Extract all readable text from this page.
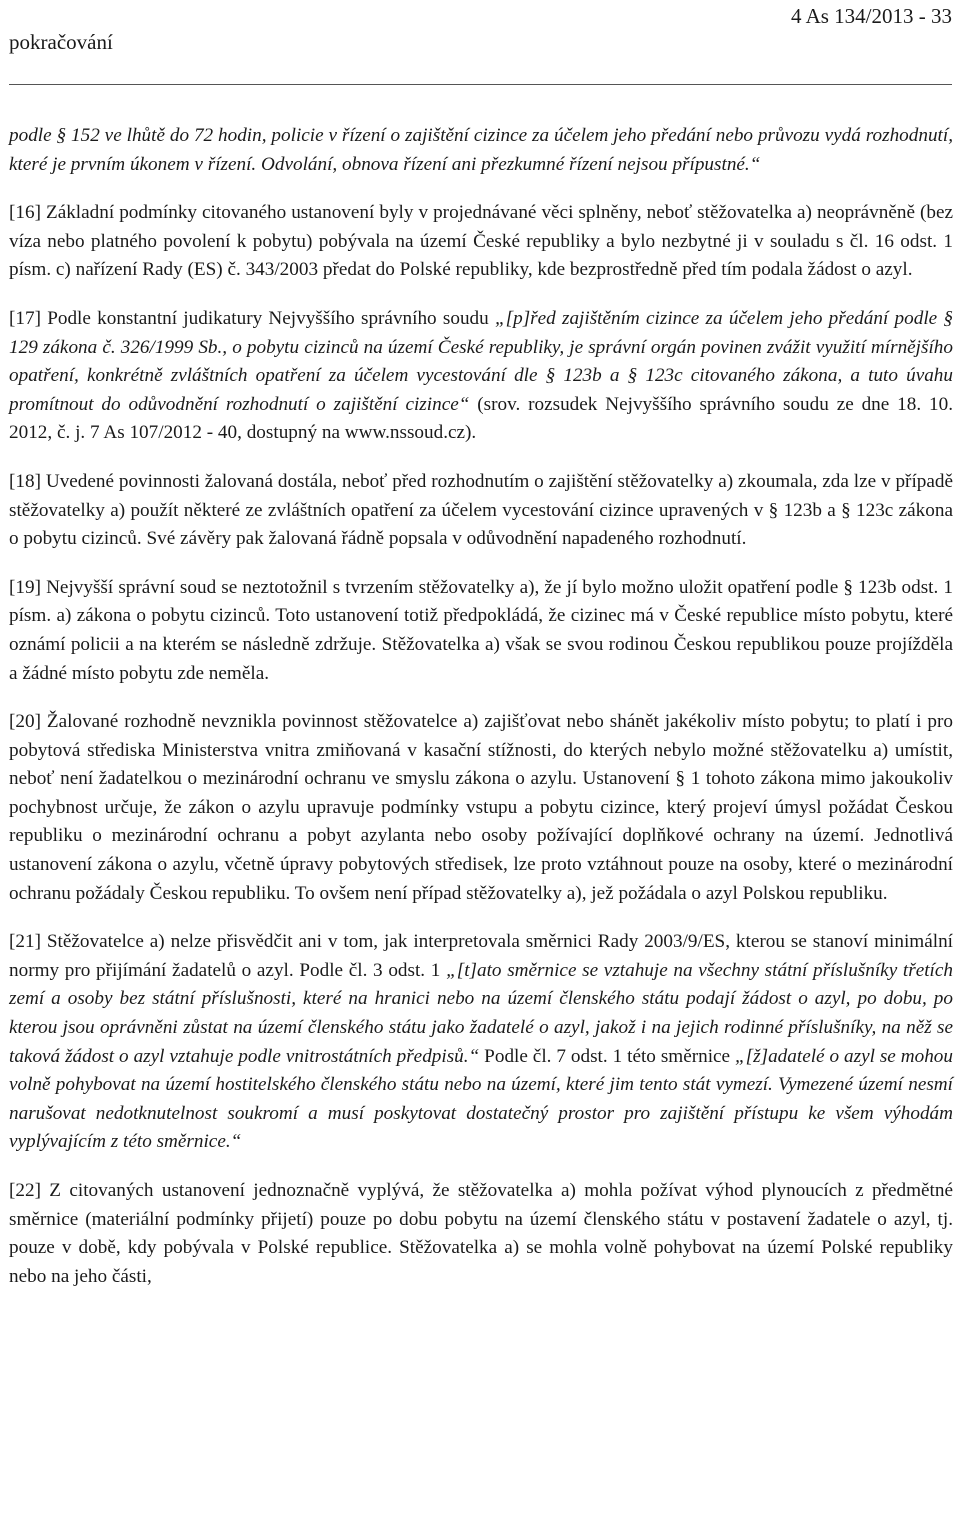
pokračování
4 As 134/2013 - 33

podle § 152 ve lhůtě do 72 hodin, policie v řízení o zajištění cizince za účelem jeho předání nebo průvozu vydá rozhodnutí, které je prvním úkonem v řízení. Odvolání, obnova řízení ani přezkumné řízení nejsou přípustné.“

[16] Základní podmínky citovaného ustanovení byly v projednávané věci splněny, neboť stěžovatelka a) neoprávněně (bez víza nebo platného povolení k pobytu) pobývala na území České republiky a bylo nezbytné ji v souladu s čl. 16 odst. 1 písm. c) nařízení Rady (ES) č. 343/2003 předat do Polské republiky, kde bezprostředně před tím podala žádost o azyl.

[17] Podle konstantní judikatury Nejvyššího správního soudu „[p]řed zajištěním cizince za účelem jeho předání podle § 129 zákona č. 326/1999 Sb., o pobytu cizinců na území České republiky, je správní orgán povinen zvážit využití mírnějšího opatření, konkrétně zvláštních opatření za účelem vycestování dle § 123b a § 123c citovaného zákona, a tuto úvahu promítnout do odůvodnění rozhodnutí o zajištění cizince“ (srov. rozsudek Nejvyššího správního soudu ze dne 18. 10. 2012, č. j. 7 As 107/2012 - 40, dostupný na www.nssoud.cz).

[18] Uvedené povinnosti žalovaná dostála, neboť před rozhodnutím o zajištění stěžovatelky a) zkoumala, zda lze v případě stěžovatelky a) použít některé ze zvláštních opatření za účelem vycestování cizince upravených v § 123b a § 123c zákona o pobytu cizinců. Své závěry pak žalovaná řádně popsala v odůvodnění napadeného rozhodnutí.

[19] Nejvyšší správní soud se neztotožnil s tvrzením stěžovatelky a), že jí bylo možno uložit opatření podle § 123b odst. 1 písm. a) zákona o pobytu cizinců. Toto ustanovení totiž předpokládá, že cizinec má v České republice místo pobytu, které oznámí policii a na kterém se následně zdržuje. Stěžovatelka a) však se svou rodinou Českou republikou pouze projížděla a žádné místo pobytu zde neměla.

[20] Žalované rozhodně nevznikla povinnost stěžovatelce a) zajišťovat nebo shánět jakékoliv místo pobytu; to platí i pro pobytová střediska Ministerstva vnitra zmiňovaná v kasační stížnosti, do kterých nebylo možné stěžovatelku a) umístit, neboť není žadatelkou o mezinárodní ochranu ve smyslu zákona o azylu. Ustanovení § 1 tohoto zákona mimo jakoukoliv pochybnost určuje, že zákon o azylu upravuje podmínky vstupu a pobytu cizince, který projeví úmysl požádat Českou republiku o mezinárodní ochranu a pobyt azylanta nebo osoby požívající doplňkové ochrany na území. Jednotlivá ustanovení zákona o azylu, včetně úpravy pobytových středisek, lze proto vztáhnout pouze na osoby, které o mezinárodní ochranu požádaly Českou republiku. To ovšem není případ stěžovatelky a), jež požádala o azyl Polskou republiku.

[21] Stěžovatelce a) nelze přisvědčit ani v tom, jak interpretovala směrnici Rady 2003/9/ES, kterou se stanoví minimální normy pro přijímání žadatelů o azyl. Podle čl. 3 odst. 1 „[t]ato směrnice se vztahuje na všechny státní příslušníky třetích zemí a osoby bez státní příslušnosti, které na hranici nebo na území členského státu podají žádost o azyl, po dobu, po kterou jsou oprávněni zůstat na území členského státu jako žadatelé o azyl, jakož i na jejich rodinné příslušníky, na něž se taková žádost o azyl vztahuje podle vnitrostátních předpisů.“ Podle čl. 7 odst. 1 této směrnice „[ž]adatelé o azyl se mohou volně pohybovat na území hostitelského členského státu nebo na území, které jim tento stát vymezí. Vymezené území nesmí narušovat nedotknutelnost soukromí a musí poskytovat dostatečný prostor pro zajištění přístupu ke všem výhodám vyplývajícím z této směrnice.“

[22] Z citovaných ustanovení jednoznačně vyplývá, že stěžovatelka a) mohla požívat výhod plynoucích z předmětné směrnice (materiální podmínky přijetí) pouze po dobu pobytu na území členského státu v postavení žadatele o azyl, tj. pouze v době, kdy pobývala v Polské republice. Stěžovatelka a) se mohla volně pohybovat na území Polské republiky nebo na jeho části,
